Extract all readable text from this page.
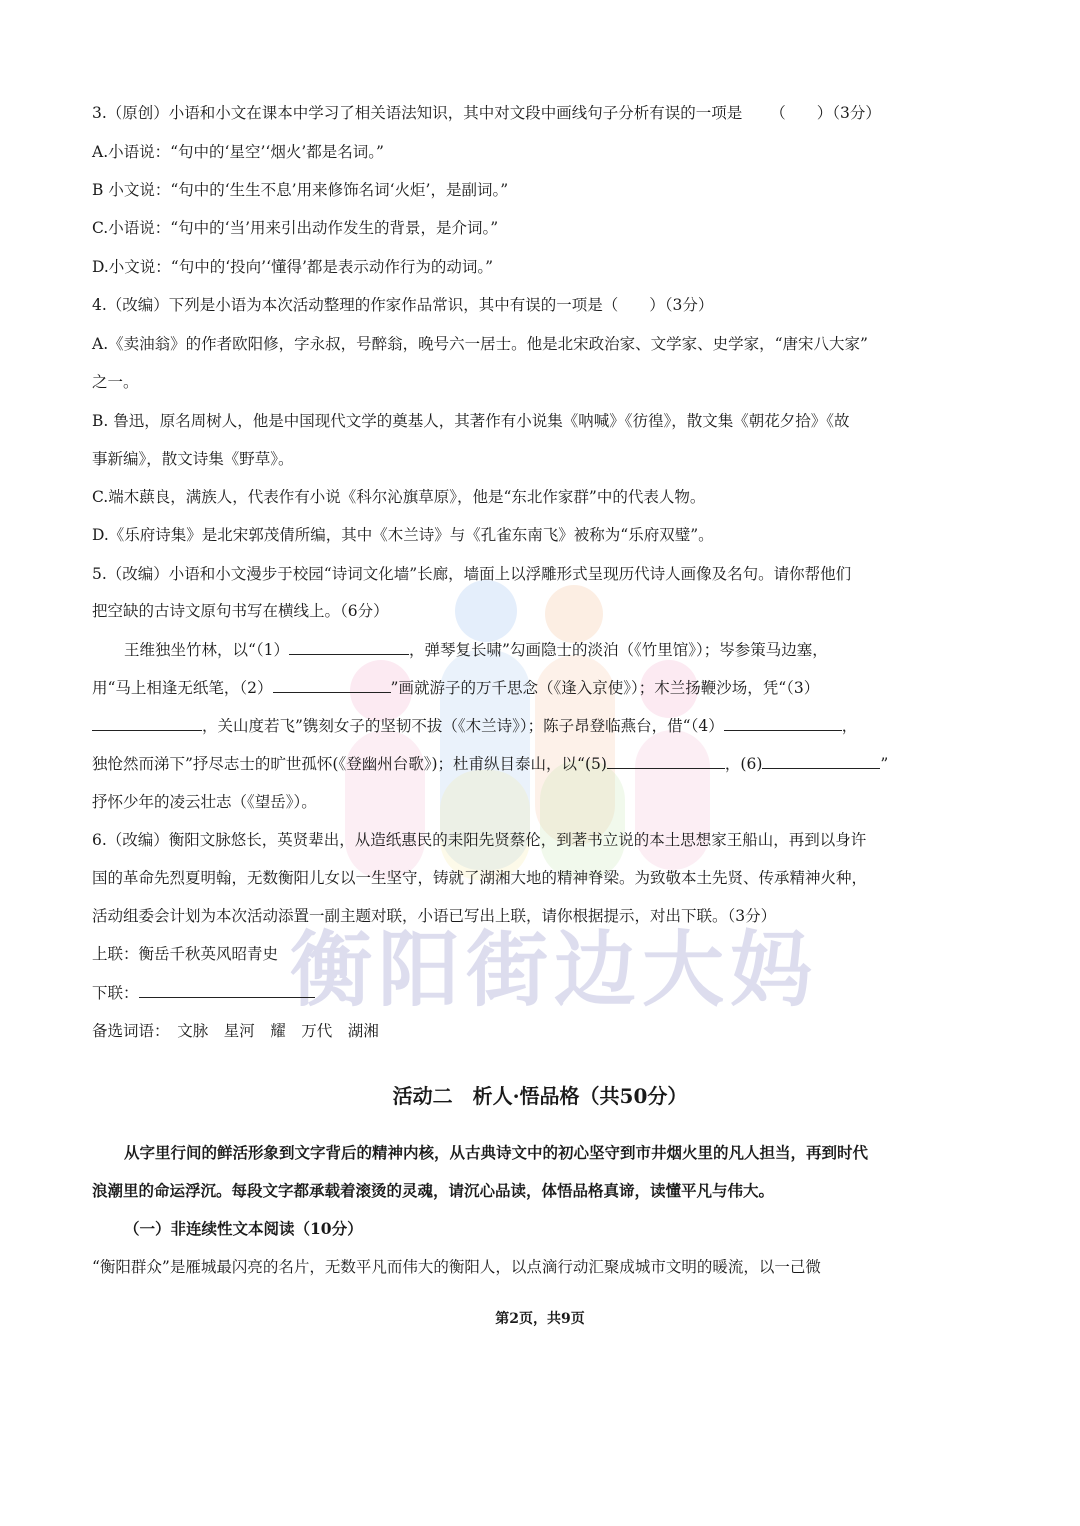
衡阳街边大妈
3.（原创）小语和小文在课本中学习了相关语法知识，其中对文段中画线句子分析有误的一项是 （　　）（3分）
A.小语说：“句中的‘星空’‘烟火’都是名词。”
B 小文说：“句中的‘生生不息’用来修饰名词‘火炬’，是副词。”
C.小语说：“句中的‘当’用来引出动作发生的背景，是介词。”
D.小文说：“句中的‘投向’‘懂得’都是表示动作行为的动词。”
4.（改编）下列是小语为本次活动整理的作家作品常识，其中有误的一项是（　　）（3分）
A.《卖油翁》的作者欧阳修，字永叔，号醉翁，晚号六一居士。他是北宋政治家、文学家、史学家，“唐宋八大家”
之一。
B. 鲁迅，原名周树人，他是中国现代文学的奠基人，其著作有小说集《呐喊》《彷徨》，散文集《朝花夕拾》《故
事新编》，散文诗集《野草》。
C.端木蕻良，满族人，代表作有小说《科尔沁旗草原》，他是“东北作家群”中的代表人物。
D.《乐府诗集》是北宋郭茂倩所编，其中《木兰诗》与《孔雀东南飞》被称为“乐府双璧”。
5.（改编）小语和小文漫步于校园“诗词文化墙”长廊，墙面上以浮雕形式呈现历代诗人画像及名句。请你帮他们
把空缺的古诗文原句书写在横线上。（6分）
王维独坐竹林，以“（1）	，弹琴复长啸”勾画隐士的淡泊（《竹里馆》）；岑参策马边塞，
用“马上相逢无纸笔，（2）	”画就游子的万千思念（《逢入京使》）；木兰扬鞭沙场，凭“（3）
，关山度若飞”镌刻女子的坚韧不拔（《木兰诗》）；陈子昂登临燕台，借“（4）	，
独怆然而涕下”抒尽志士的旷世孤怀(《登幽州台歌》)；杜甫纵目泰山，以“(5)	，(6)	”
抒怀少年的凌云壮志（《望岳》）。
6.（改编）衡阳文脉悠长，英贤辈出，从造纸惠民的耒阳先贤蔡伦，到著书立说的本土思想家王船山，再到以身许
国的革命先烈夏明翰，无数衡阳儿女以一生坚守，铸就了湖湘大地的精神脊梁。为致敬本土先贤、传承精神火种，
活动组委会计划为本次活动添置一副主题对联，小语已写出上联，请你根据提示，对出下联。（3分）
上联：衡岳千秋英风昭青史
下联：
备选词语：　文脉　星河　耀　万代　湖湘
活动二　析人·悟品格（共50分）
从字里行间的鲜活形象到文字背后的精神内核，从古典诗文中的初心坚守到市井烟火里的凡人担当，再到时代
浪潮里的命运浮沉。每段文字都承载着滚烫的灵魂，请沉心品读，体悟品格真谛，读懂平凡与伟大。
（一）非连续性文本阅读（10分）
“衡阳群众”是雁城最闪亮的名片，无数平凡而伟大的衡阳人，以点滴行动汇聚成城市文明的暖流，以一己微
第2页，共9页
